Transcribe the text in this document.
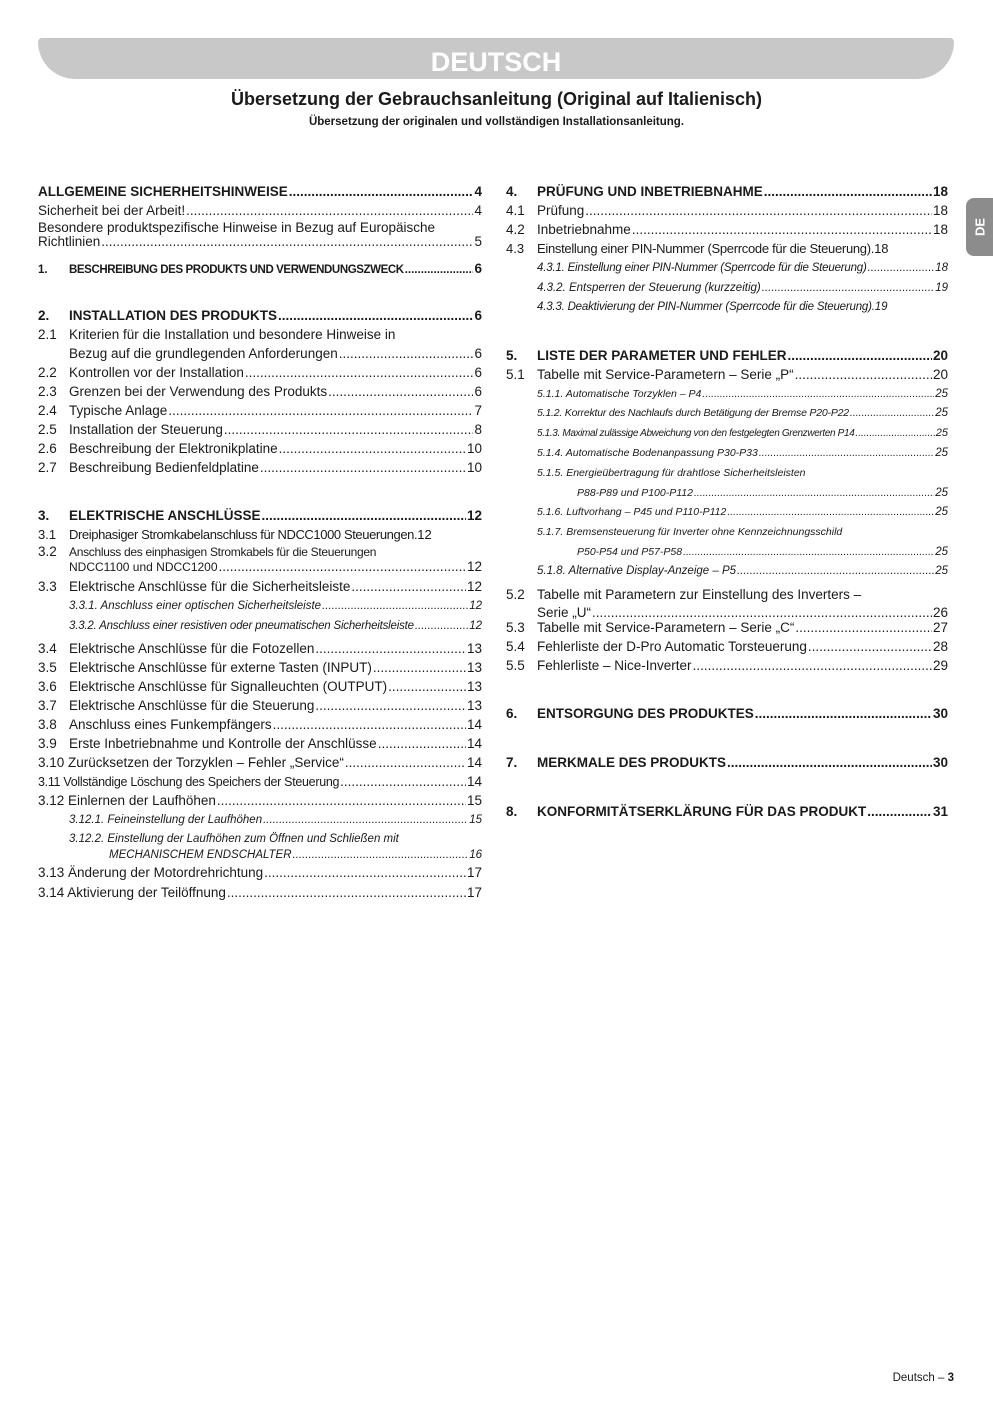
DEUTSCH
Übersetzung der Gebrauchsanleitung (Original auf Italienisch)
Übersetzung der originalen und vollständigen Installationsanleitung.
DE
ALLGEMEINE SICHERHEITSHINWEISE .....	4
Sicherheit bei der Arbeit! .....	4
Besondere produktspezifische Hinweise in Bezug auf Europäische
Richtlinien .....	5
1.	BESCHREIBUNG DES PRODUKTS UND VERWENDUNGSZWECK .....	6
2.	INSTALLATION DES PRODUKTS .....	6
2.1 Kriterien für die Installation und besondere Hinweise in
Bezug auf die grundlegenden Anforderungen .....	6
2.2 Kontrollen vor der Installation .....	6
2.3 Grenzen bei der Verwendung des Produkts .....	6
2.4 Typische Anlage .....	7
2.5 Installation der Steuerung .....	8
2.6 Beschreibung der Elektronikplatine .....	10
2.7 Beschreibung Bedienfeldplatine .....	10
3.	ELEKTRISCHE ANSCHLÜSSE .....	12
3.1 Dreiphasiger Stromkabelanschluss für NDCC1000 Steuerungen. 12
3.2	Anschluss des einphasigen Stromkabels für die Steuerungen
NDCC1100 und NDCC1200 .....	12
3.3 Elektrische Anschlüsse für die Sicherheitsleiste .....	12
3.3.1. Anschluss einer optischen Sicherheitsleiste .....	12
3.3.2. Anschluss einer resistiven oder pneumatischen Sicherheitsleiste .....	12
3.4 Elektrische Anschlüsse für die Fotozellen .....	13
3.5 Elektrische Anschlüsse für externe Tasten (INPUT) .....	13
3.6 Elektrische Anschlüsse für Signalleuchten (OUTPUT) .....	13
3.7 Elektrische Anschlüsse für die Steuerung .....	13
3.8 Anschluss eines Funkempfängers .....	14
3.9 Erste Inbetriebnahme und Kontrolle der Anschlüsse .....	14
3.10 Zurücksetzen der Torzyklen – Fehler „Service“ .....	14
3.11 Vollständige Löschung des Speichers der Steuerung .....	14
3.12 Einlernen der Laufhöhen .....	15
3.12.1. Feineinstellung der Laufhöhen .....	15
3.12.2. Einstellung der Laufhöhen zum Öffnen und Schließen mit
MECHANISCHEM ENDSCHALTER .....	16
3.13 Änderung der Motordrehrichtung .....	17
3.14 Aktivierung der Teilöffnung .....	17
4.	PRÜFUNG UND INBETRIEBNAHME .....	18
4.1 Prüfung .....	18
4.2 Inbetriebnahme .....	18
4.3 Einstellung einer PIN-Nummer (Sperrcode für die Steuerung). 18
4.3.1. Einstellung einer PIN-Nummer (Sperrcode für die Steuerung) .....	18
4.3.2. Entsperren der Steuerung (kurzzeitig) .....	19
4.3.3. Deaktivierung der PIN-Nummer (Sperrcode für die Steuerung). 19
5.	LISTE DER PARAMETER UND FEHLER .....	20
5.1 Tabelle mit Service-Parametern – Serie „P“ .....	20
5.1.1. Automatische Torzyklen – P4 .....	25
5.1.2. Korrektur des Nachlaufs durch Betätigung der Bremse P20-P22 .....	25
5.1.3. Maximal zulässige Abweichung von den festgelegten Grenzwerten P14 .....	25
5.1.4. Automatische Bodenanpassung P30-P33 .....	25
5.1.5. Energieübertragung für drahtlose Sicherheitsleisten
P88-P89 und P100-P112 .....	25
5.1.6. Luftvorhang – P45 und P110-P112 .....	25
5.1.7. Bremsensteuerung für Inverter ohne Kennzeichnungsschild
P50-P54 und P57-P58 .....	25
5.1.8. Alternative Display-Anzeige – P5 .....	25
5.2 Tabelle mit Parametern zur Einstellung des Inverters –
Serie „U“ .....	26
5.3 Tabelle mit Service-Parametern – Serie „C“ .....	27
5.4 Fehlerliste der D-Pro Automatic Torsteuerung .....	28
5.5 Fehlerliste – Nice-Inverter .....	29
6.	ENTSORGUNG DES PRODUKTES .....	30
7.	MERKMALE DES PRODUKTS .....	30
8.	KONFORMITÄTSERKLÄRUNG FÜR DAS PRODUKT .....	31
Deutsch – 3
